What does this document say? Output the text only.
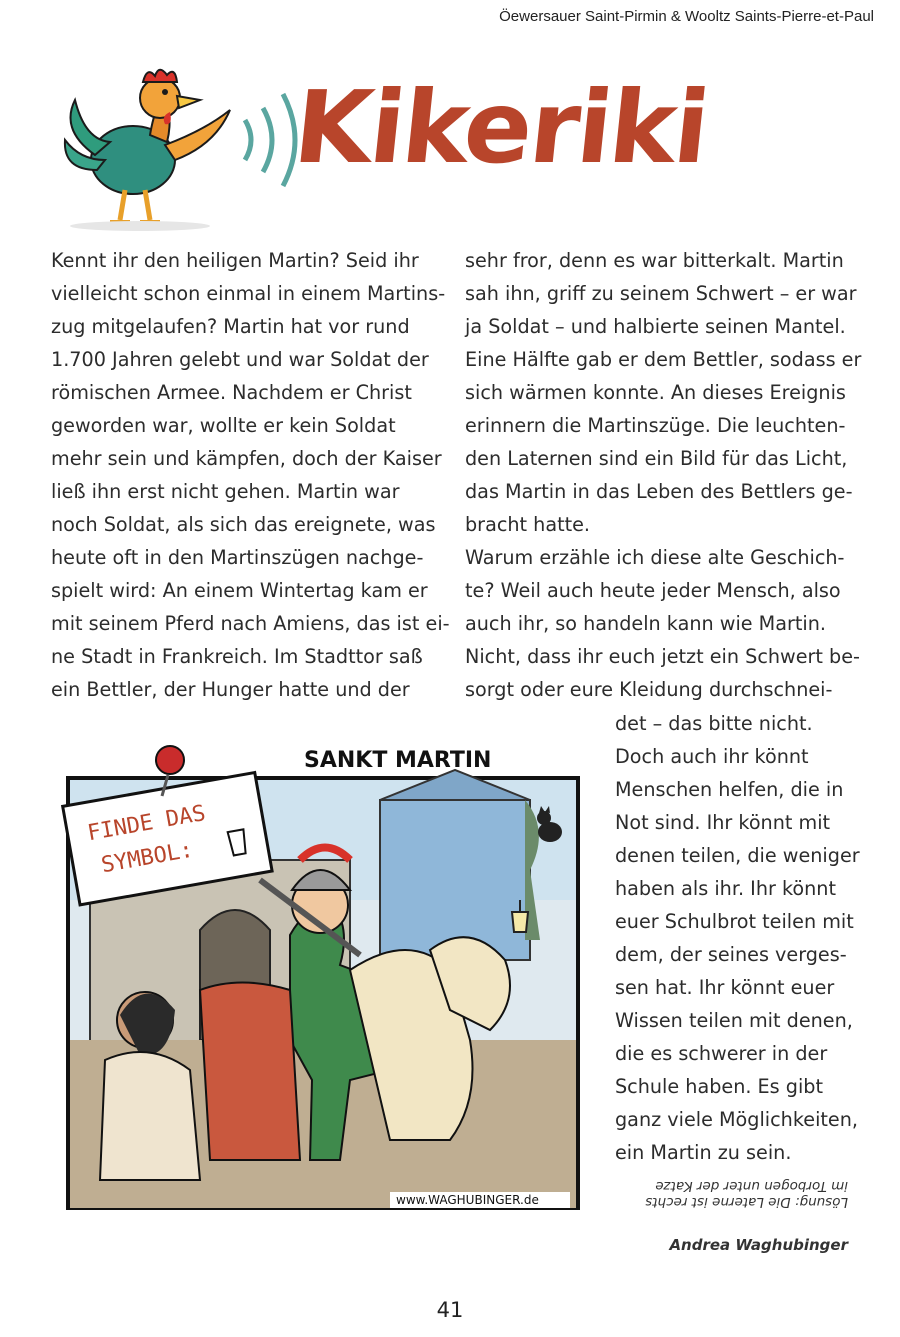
Öewersauer Saint-Pirmin & Wooltz Saints-Pierre-et-Paul
Kikeriki
Kennt ihr den heiligen Martin? Seid ihr
vielleicht schon einmal in einem Martins-
zug mitgelaufen? Martin hat vor rund
1.700 Jahren gelebt und war Soldat der
römischen Armee. Nachdem er Christ
geworden war, wollte er kein Soldat
mehr sein und kämpfen, doch der Kaiser
ließ ihn erst nicht gehen. Martin war
noch Soldat, als sich das ereignete, was
heute oft in den Martinszügen nachge-
spielt wird: An einem Wintertag kam er
mit seinem Pferd nach Amiens, das ist ei-
ne Stadt in Frankreich. Im Stadttor saß
ein Bettler, der Hunger hatte und der
sehr fror, denn es war bitterkalt. Martin
sah ihn, griff zu seinem Schwert – er war
ja Soldat – und halbierte seinen Mantel.
Eine Hälfte gab er dem Bettler, sodass er
sich wärmen konnte. An dieses Ereignis
erinnern die Martinszüge. Die leuchten-
den Laternen sind ein Bild für das Licht,
das Martin in das Leben des Bettlers ge-
bracht hatte.
Warum erzähle ich diese alte Geschich-
te? Weil auch heute jeder Mensch, also
auch ihr, so handeln kann wie Martin.
Nicht, dass ihr euch jetzt ein Schwert be-
sorgt oder eure Kleidung durchschnei-
det – das bitte nicht.
Doch auch ihr könnt
Menschen helfen, die in
Not sind. Ihr könnt mit
denen teilen, die weniger
haben als ihr. Ihr könnt
euer Schulbrot teilen mit
dem, der seines verges-
sen hat. Ihr könnt euer
Wissen teilen mit denen,
die es schwerer in der
Schule haben. Es gibt
ganz viele Möglichkeiten,
ein Martin zu sein.
FINDE DAS
SYMBOL:
SANKT MARTIN
www.WAGHUBINGER.de	Lösung: Die Laterne ist rechts
im Torbogen unter der Katze
Andrea Waghubinger
41
